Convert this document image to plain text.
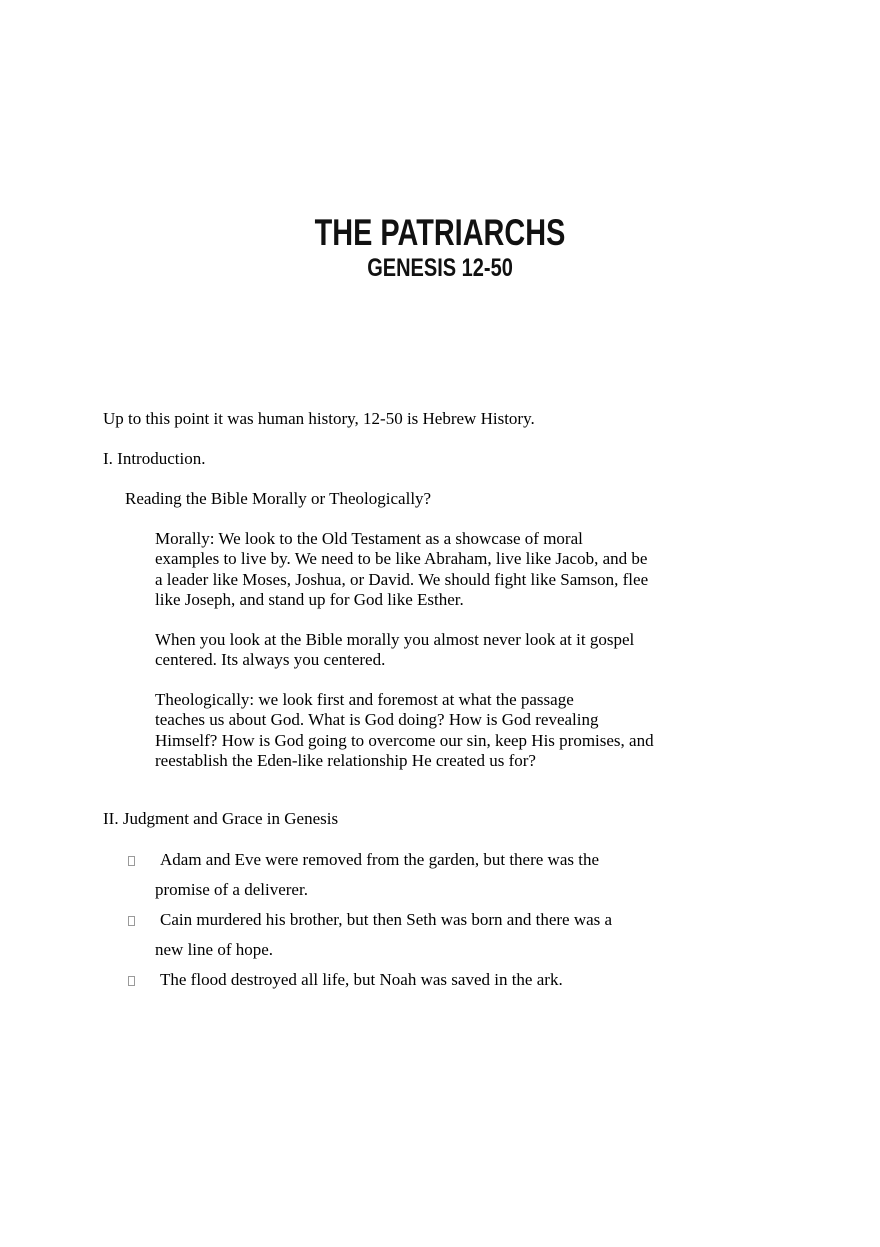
THE PATRIARCHS
GENESIS 12-50
Up to this point it was human history, 12-50 is Hebrew History.
I. Introduction.
Reading the Bible Morally or Theologically?
Morally: We look to the Old Testament as a showcase of moral
examples to live by. We need to be like Abraham, live like Jacob, and be
a leader like Moses, Joshua, or David. We should fight like Samson, flee
like Joseph, and stand up for God like Esther.
When you look at the Bible morally you almost never look at it gospel
centered. Its always you centered.
Theologically: we look first and foremost at what the passage
teaches us about God. What is God doing? How is God revealing
Himself? How is God going to overcome our sin, keep His promises, and
reestablish the Eden-like relationship He created us for?
II. Judgment and Grace in Genesis
Adam and Eve were removed from the garden, but there was the
promise of a deliverer.
Cain murdered his brother, but then Seth was born and there was a
new line of hope.
The flood destroyed all life, but Noah was saved in the ark.
